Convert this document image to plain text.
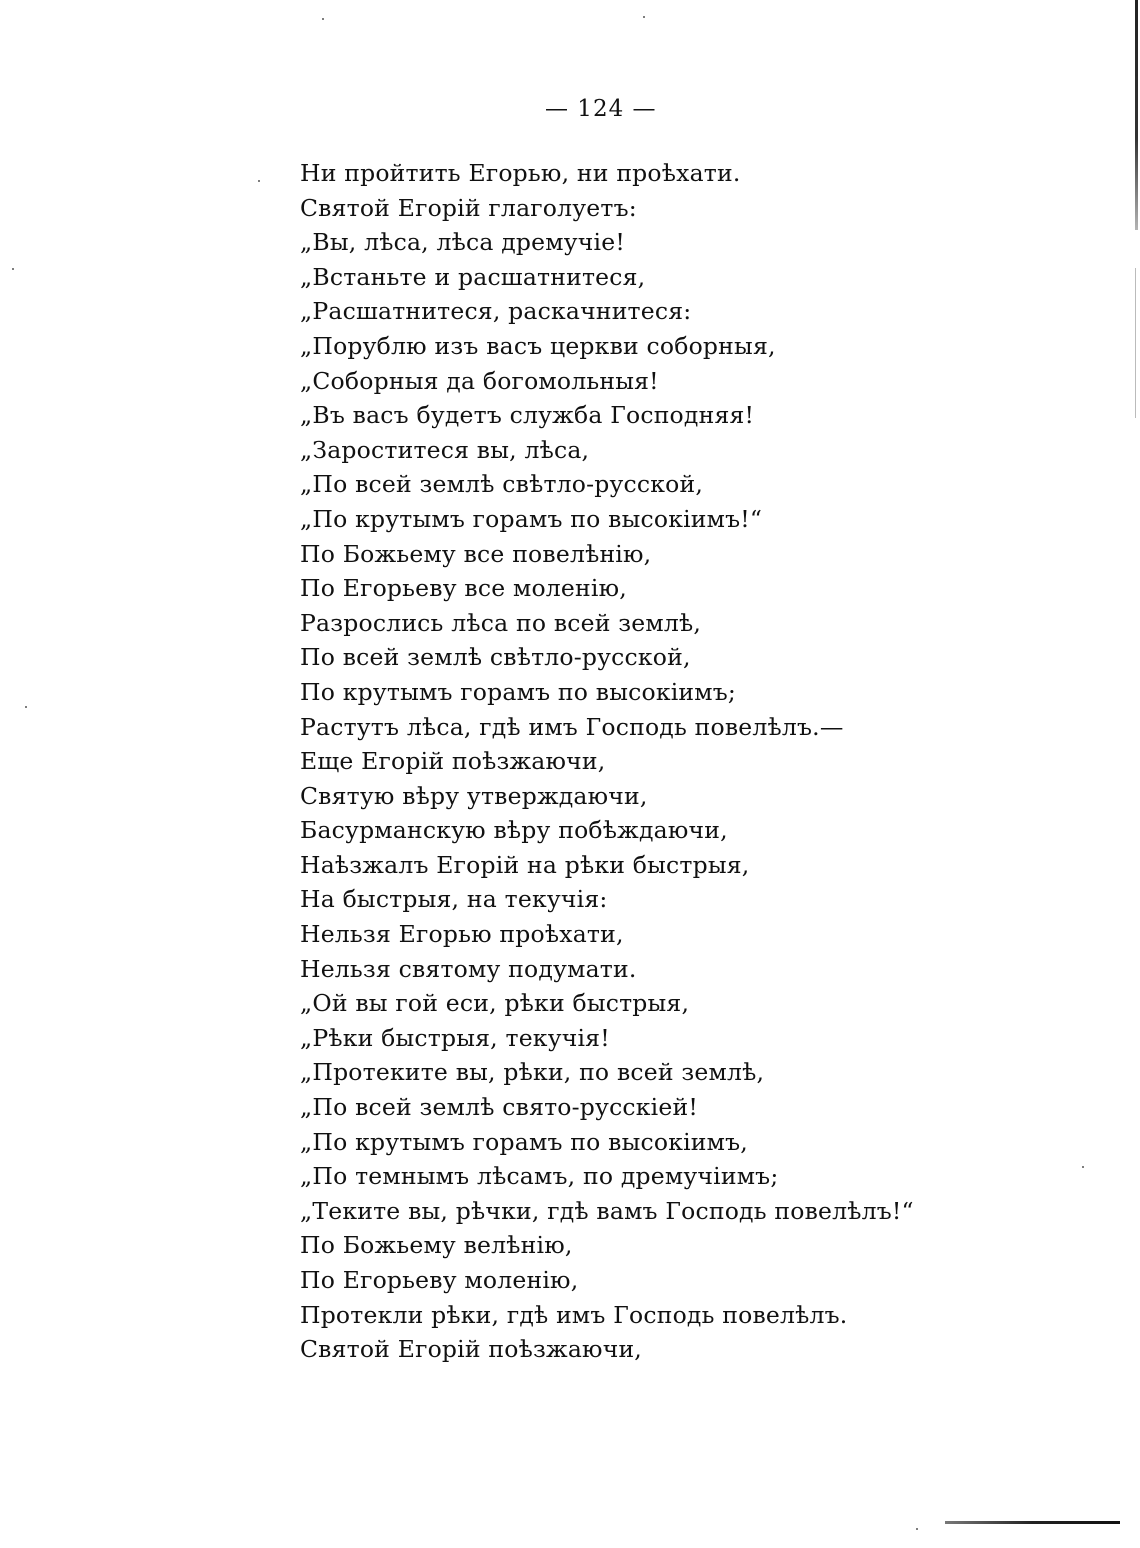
— 124 —
Ни пройтить Егорью, ни проѣхати.
Святой Егорій глаголуетъ:
„Вы, лѣса, лѣса дремучіе!
„Встаньте и расшатнитеся,
„Расшатнитеся, раскачнитеся:
„Порублю изъ васъ церкви соборныя,
„Соборныя да богомольныя!
„Въ васъ будетъ служба Господняя!
„Зароститеся вы, лѣса,
„По всей землѣ свѣтло-русской,
„По крутымъ горамъ по высокіимъ!“
По Божьему все повелѣнію,
По Егорьеву все моленію,
Разрослись лѣса по всей землѣ,
По всей землѣ свѣтло-русской,
По крутымъ горамъ по высокіимъ;
Растутъ лѣса, гдѣ имъ Господь повелѣлъ.—
Еще Егорій поѣзжаючи,
Святую вѣру утверждаючи,
Басурманскую вѣру побѣждаючи,
Наѣзжалъ Егорій на рѣки быстрыя,
На быстрыя, на текучія:
Нельзя Егорью проѣхати,
Нельзя святому подумати.
„Ой вы гой еси, рѣки быстрыя,
„Рѣки быстрыя, текучія!
„Протеките вы, рѣки, по всей землѣ,
„По всей землѣ свято-русскіей!
„По крутымъ горамъ по высокіимъ,
„По темнымъ лѣсамъ, по дремучіимъ;
„Теките вы, рѣчки, гдѣ вамъ Господь повелѣлъ!“
По Божьему велѣнію,
По Егорьеву моленію,
Протекли рѣки, гдѣ имъ Господь повелѣлъ.
Святой Егорій поѣзжаючи,
